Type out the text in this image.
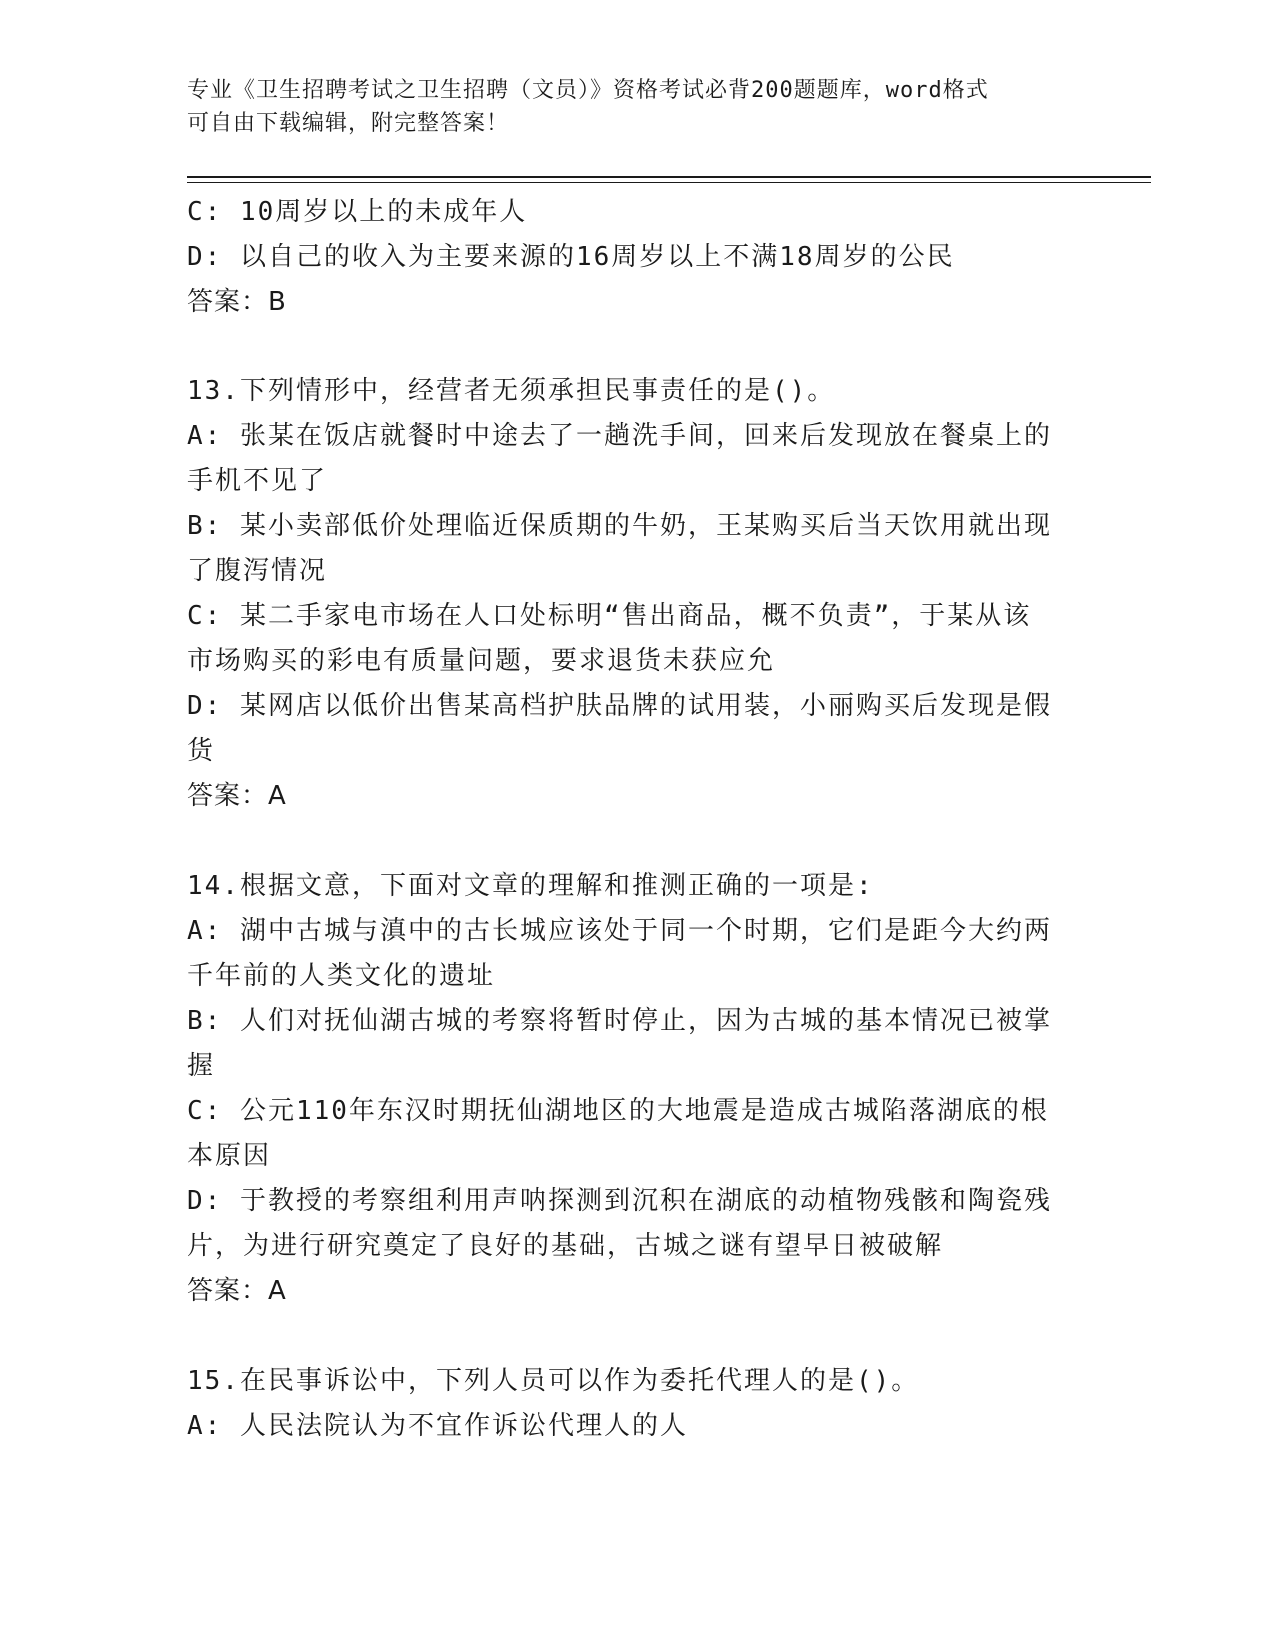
专业《卫生招聘考试之卫生招聘（文员）》资格考试必背200题题库，word格式
可自由下载编辑，附完整答案！
C: 10周岁以上的未成年人
D: 以自己的收入为主要来源的16周岁以上不满18周岁的公民
答案：B
13.下列情形中，经营者无须承担民事责任的是()。
A: 张某在饭店就餐时中途去了一趟洗手间，回来后发现放在餐桌上的
手机不见了
B: 某小卖部低价处理临近保质期的牛奶，王某购买后当天饮用就出现
了腹泻情况
C: 某二手家电市场在人口处标明“售出商品，概不负责”，于某从该
市场购买的彩电有质量问题，要求退货未获应允
D: 某网店以低价出售某高档护肤品牌的试用装，小丽购买后发现是假
货
答案：A
14.根据文意，下面对文章的理解和推测正确的一项是:
A: 湖中古城与滇中的古长城应该处于同一个时期，它们是距今大约两
千年前的人类文化的遗址
B: 人们对抚仙湖古城的考察将暂时停止，因为古城的基本情况已被掌
握
C: 公元110年东汉时期抚仙湖地区的大地震是造成古城陷落湖底的根
本原因
D: 于教授的考察组利用声呐探测到沉积在湖底的动植物残骸和陶瓷残
片，为进行研究奠定了良好的基础，古城之谜有望早日被破解
答案：A
15.在民事诉讼中，下列人员可以作为委托代理人的是()。
A: 人民法院认为不宜作诉讼代理人的人
